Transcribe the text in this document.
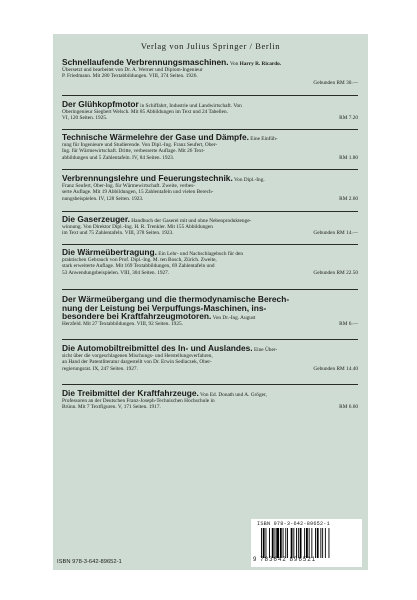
Verlag von Julius Springer / Berlin
Schnellaufende Verbrennungsmaschinen. Von Harry R. Ricardo.
Übersetzt und bearbeitet von Dr. A. Werner und Diplom-Ingenieur
P. Friedmann. Mit 280 Textabbildungen. VIII, 374 Seiten. 1926.
Gebunden RM 30.—

Der Glühkopfmotor in Schiffahrt, Industrie und Landwirtschaft. Von
Oberingenieur Siegbert Welsch. Mit 85 Abbildungen im Text und 24 Tabellen.
RM 7.20
VI, 120 Seiten. 1925.
Technische Wärmelehre der Gase und Dämpfe. Eine Einfüh-
rung für Ingenieure und Studierende. Von Dipl.-Ing. Franz Seufert, Ober-
Ing. für Wärmewirtschaft. Dritte, verbesserte Auflage. Mit 26 Text-
RM 1.80
abbildungen und 5 Zahlentafeln. IV, 84 Seiten. 1923.
Verbrennungslehre und Feuerungstechnik. Von Dipl.-Ing.
Franz Seufert, Ober-Ing. für Wärmewirtschaft. Zweite, verbes-
serte Auflage. Mit 19 Abbildungen, 15 Zahlentafeln und vielen Berech-
RM 2.60
nungsbeispielen. IV, 128 Seiten. 1923.
Die Gaserzeuger. Handbuch der Gaserei mit und ohne Nebenproduktenge-
winnung. Von Direktor Dipl.-Ing. H. R. Trenkler. Mit 155 Abbildungen
Gebunden RM 14.—
im Text und 75 Zahlentafeln. VIII, 378 Seiten. 1923.
Die Wärmeübertragung. Ein Lehr- und Nachschlagebuch für den
praktischen Gebrauch von Prof. Dipl.-Ing. M. ten Bosch, Zürich. Zweite,
stark erweiterte Auflage. Mit 169 Textabbildungen, 69 Zahlentafeln und
Gebunden RM 22.50
53 Anwendungsbeispielen. VIII, 304 Seiten. 1927.
Der Wärmeübergang und die thermodynamische Berech-
nung der Leistung bei Verpuffungs-Maschinen, ins-
besondere bei Kraftfahrzeugmotoren. Von Dr.-Ing. August
RM 6.—
Herzfeld. Mit 27 Textabbildungen. VIII, 92 Seiten. 1925.
Die Automobiltreibmittel des In- und Auslandes. Eine Über-
sicht über die vorgeschlagenen Mischungs- und Herstellungsverfahren,
an Hand der Patentliteratur dargestellt von Dr. Erwin Sedlaczek, Ober-
Gebunden RM 14.40
regierungsrat. IX, 247 Seiten. 1927.
Die Treibmittel der Kraftfahrzeuge. Von Ed. Donath und A. Gröger,
Professoren an der Deutschen Franz-Joseph-Technischen Hochschule in
RM 6.60
Brünn. Mit 7 Textfiguren. V, 171 Seiten. 1917.
ISBN 978-3-642-89652-1
9 783642 896521
ISBN 978-3-642-89652-1
